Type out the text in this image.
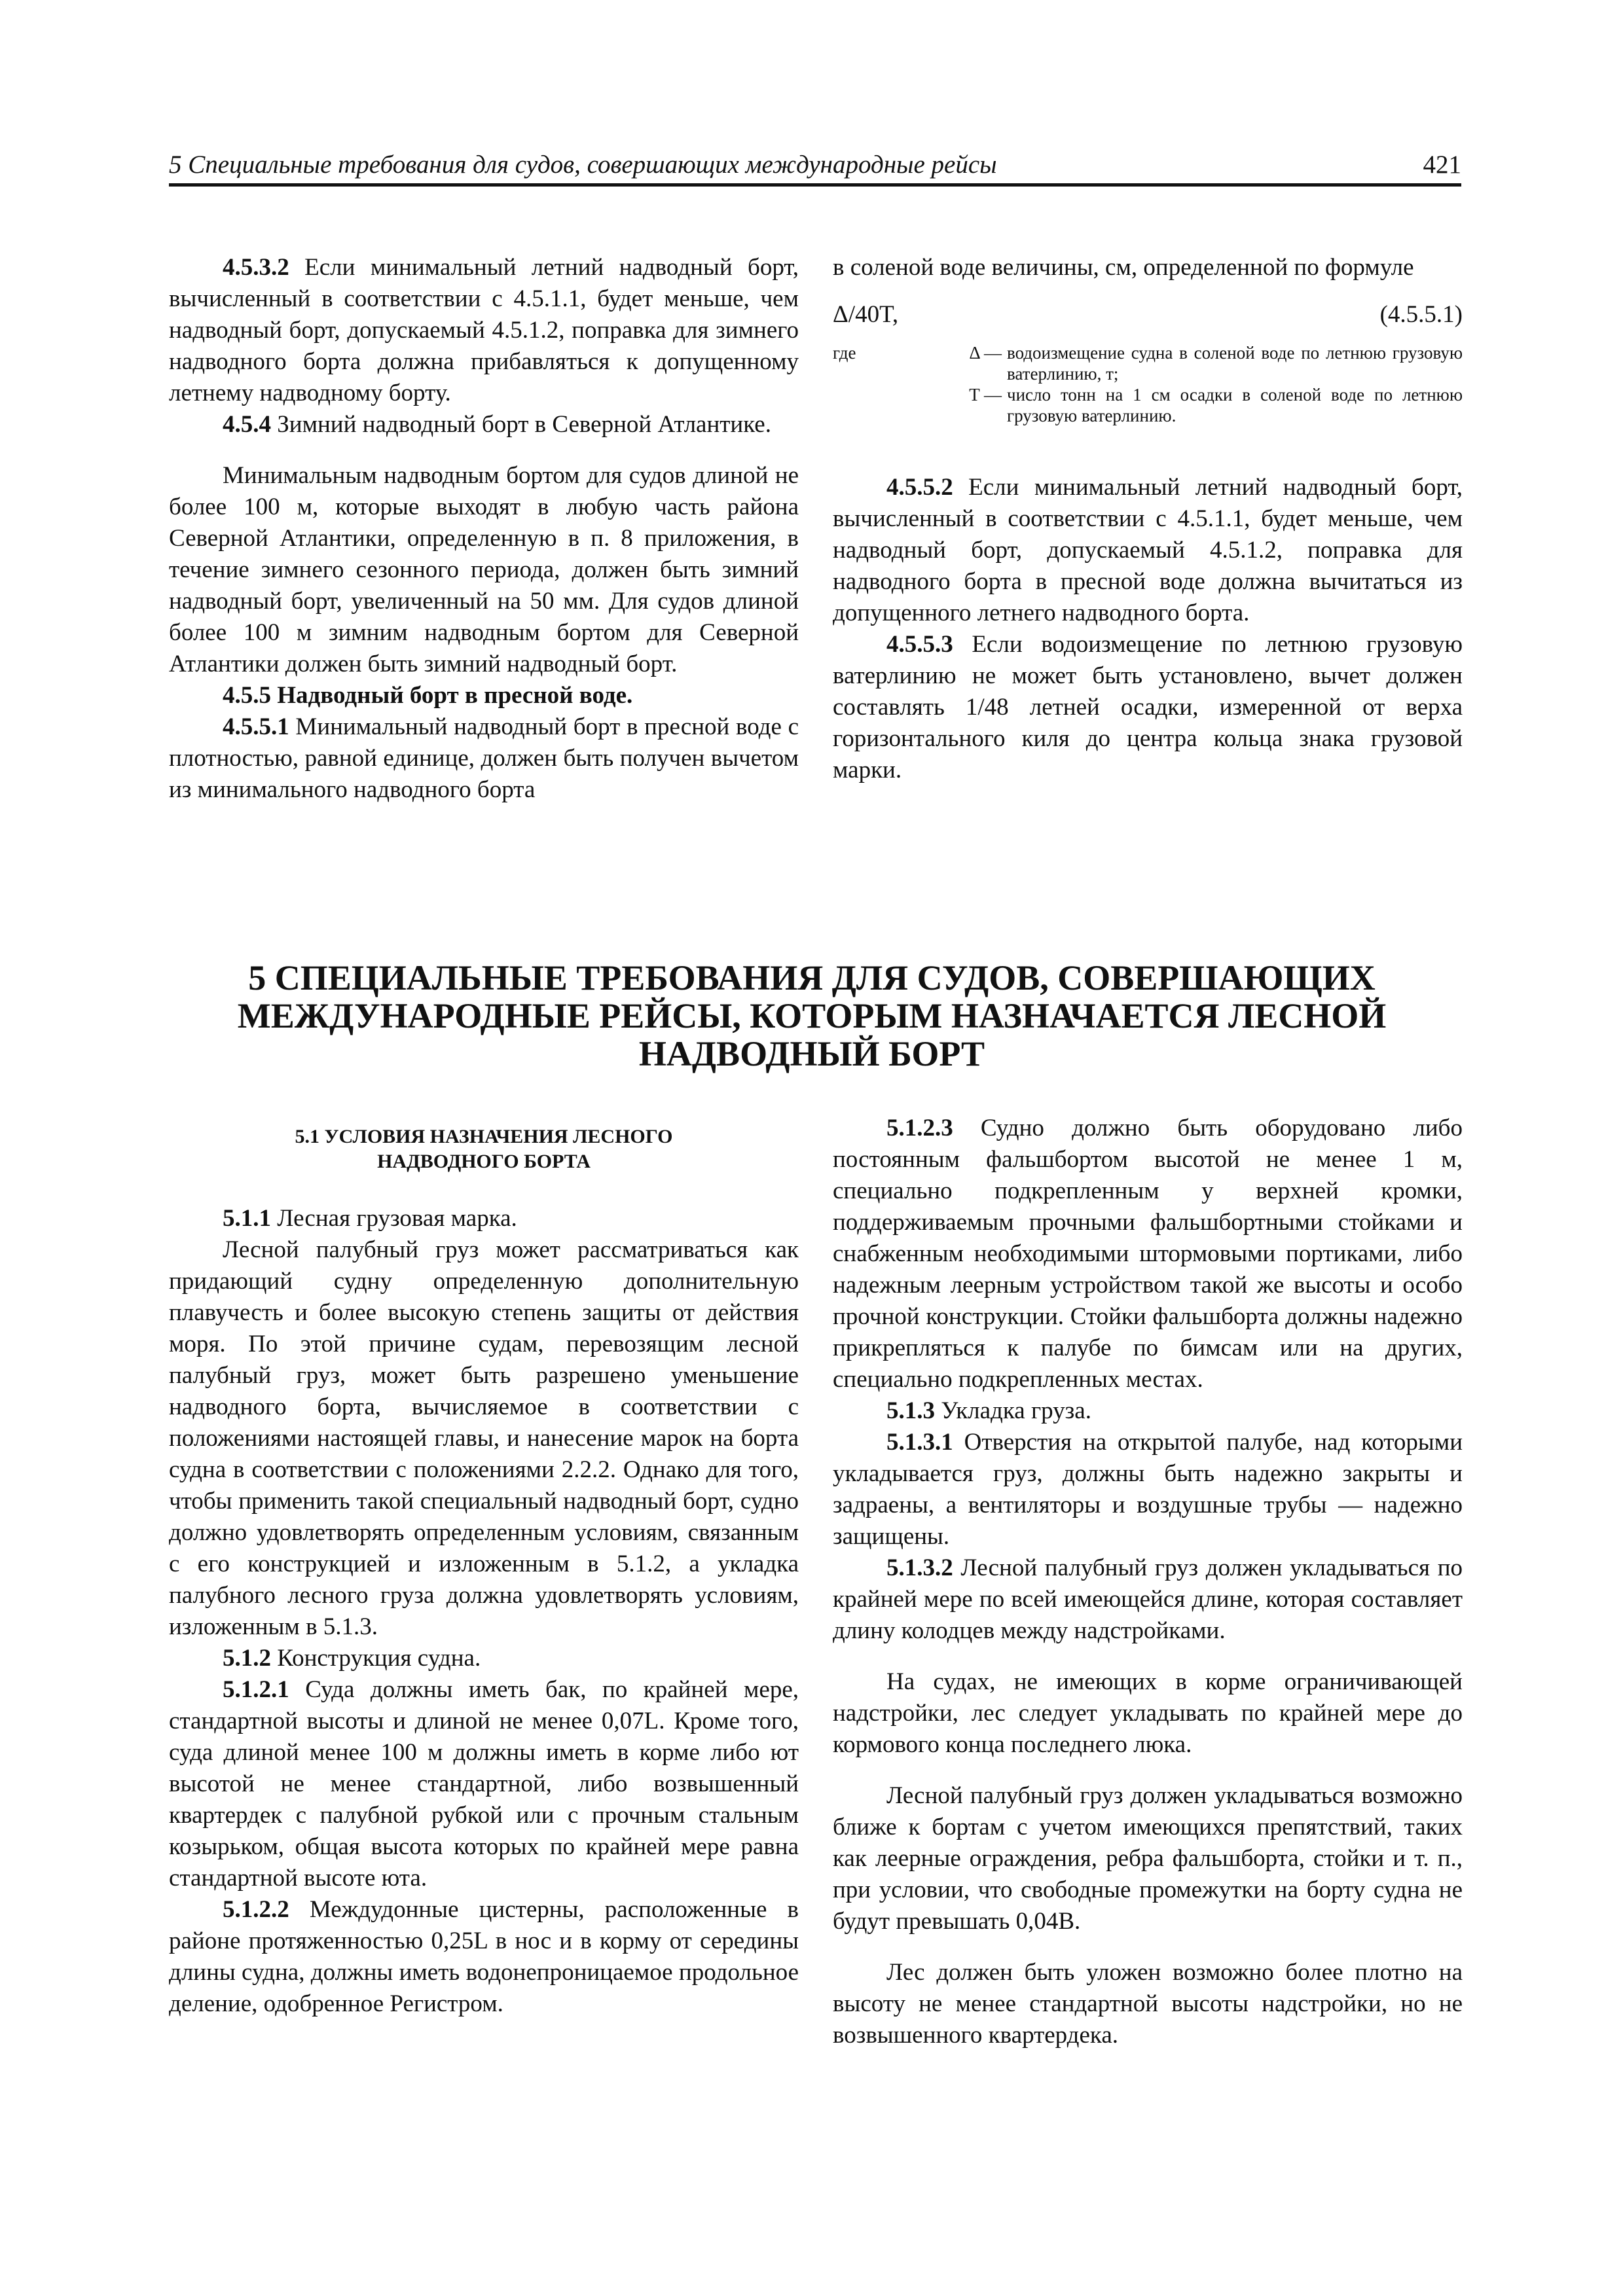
5 Специальные требования для судов, совершающих международные рейсы	421

4.5.3.2 Если минимальный летний надводный борт, вычисленный в соответствии с 4.5.1.1, будет меньше, чем надводный борт, допускаемый 4.5.1.2, поправка для зимнего надводного борта должна прибавляться к допущенному летнему надводному борту.

4.5.4 Зимний надводный борт в Северной Атлантике.

Минимальным надводным бортом для судов длиной не более 100 м, которые выходят в любую часть района Северной Атлантики, определенную в п. 8 приложения, в течение зимнего сезонного периода, должен быть зимний надводный борт, увеличенный на 50 мм. Для судов длиной более 100 м зимним надводным бортом для Северной Атлантики должен быть зимний надводный борт.

4.5.5 Надводный борт в пресной воде.

4.5.5.1 Минимальный надводный борт в пресной воде с плотностью, равной единице, должен быть получен вычетом из минимального надводного борта

в соленой воде величины, см, определенной по формуле

Δ/40T,	(4.5.5.1)
где	Δ — водоизмещение судна в соленой воде по летнюю грузовую ватерлинию, т;
T — число тонн на 1 см осадки в соленой воде по летнюю грузовую ватерлинию.

4.5.5.2 Если минимальный летний надводный борт, вычисленный в соответствии с 4.5.1.1, будет меньше, чем надводный борт, допускаемый 4.5.1.2, поправка для надводного борта в пресной воде должна вычитаться из допущенного летнего надводного борта.

4.5.5.3 Если водоизмещение по летнюю грузовую ватерлинию не может быть установлено, вычет должен составлять 1/48 летней осадки, измеренной от верха горизонтального киля до центра кольца знака грузовой марки.

5 СПЕЦИАЛЬНЫЕ ТРЕБОВАНИЯ ДЛЯ СУДОВ, СОВЕРШАЮЩИХ МЕЖДУНАРОДНЫЕ РЕЙСЫ, КОТОРЫМ НАЗНАЧАЕТСЯ ЛЕСНОЙ НАДВОДНЫЙ БОРТ

5.1 УСЛОВИЯ НАЗНАЧЕНИЯ ЛЕСНОГО НАДВОДНОГО БОРТА

5.1.1 Лесная грузовая марка.

Лесной палубный груз может рассматриваться как придающий судну определенную дополнительную плавучесть и более высокую степень защиты от действия моря. По этой причине судам, перевозящим лесной палубный груз, может быть разрешено уменьшение надводного борта, вычисляемое в соответствии с положениями настоящей главы, и нанесение марок на борта судна в соответствии с положениями 2.2.2. Однако для того, чтобы применить такой специальный надводный борт, судно должно удовлетворять определенным условиям, связанным с его конструкцией и изложенным в 5.1.2, а укладка палубного лесного груза должна удовлетворять условиям, изложенным в 5.1.3.

5.1.2 Конструкция судна.

5.1.2.1 Суда должны иметь бак, по крайней мере, стандартной высоты и длиной не менее 0,07L. Кроме того, суда длиной менее 100 м должны иметь в корме либо ют высотой не менее стандартной, либо возвышенный квартердек с палубной рубкой или с прочным стальным козырьком, общая высота которых по крайней мере равна стандартной высоте юта.

5.1.2.2 Междудонные цистерны, расположенные в районе протяженностью 0,25L в нос и в корму от середины длины судна, должны иметь водонепроницаемое продольное деление, одобренное Регистром.

5.1.2.3 Судно должно быть оборудовано либо постоянным фальшбортом высотой не менее 1 м, специально подкрепленным у верхней кромки, поддерживаемым прочными фальшбортными стойками и снабженным необходимыми штормовыми портиками, либо надежным леерным устройством такой же высоты и особо прочной конструкции. Стойки фальшборта должны надежно прикрепляться к палубе по бимсам или на других, специально подкрепленных местах.

5.1.3 Укладка груза.

5.1.3.1 Отверстия на открытой палубе, над которыми укладывается груз, должны быть надежно закрыты и задраены, а вентиляторы и воздушные трубы — надежно защищены.

5.1.3.2 Лесной палубный груз должен укладываться по крайней мере по всей имеющейся длине, которая составляет длину колодцев между надстройками.

На судах, не имеющих в корме ограничивающей надстройки, лес следует укладывать по крайней мере до кормового конца последнего люка.

Лесной палубный груз должен укладываться возможно ближе к бортам с учетом имеющихся препятствий, таких как леерные ограждения, ребра фальшборта, стойки и т. п., при условии, что свободные промежутки на борту судна не будут превышать 0,04B.

Лес должен быть уложен возможно более плотно на высоту не менее стандартной высоты надстройки, но не возвышенного квартердека.
